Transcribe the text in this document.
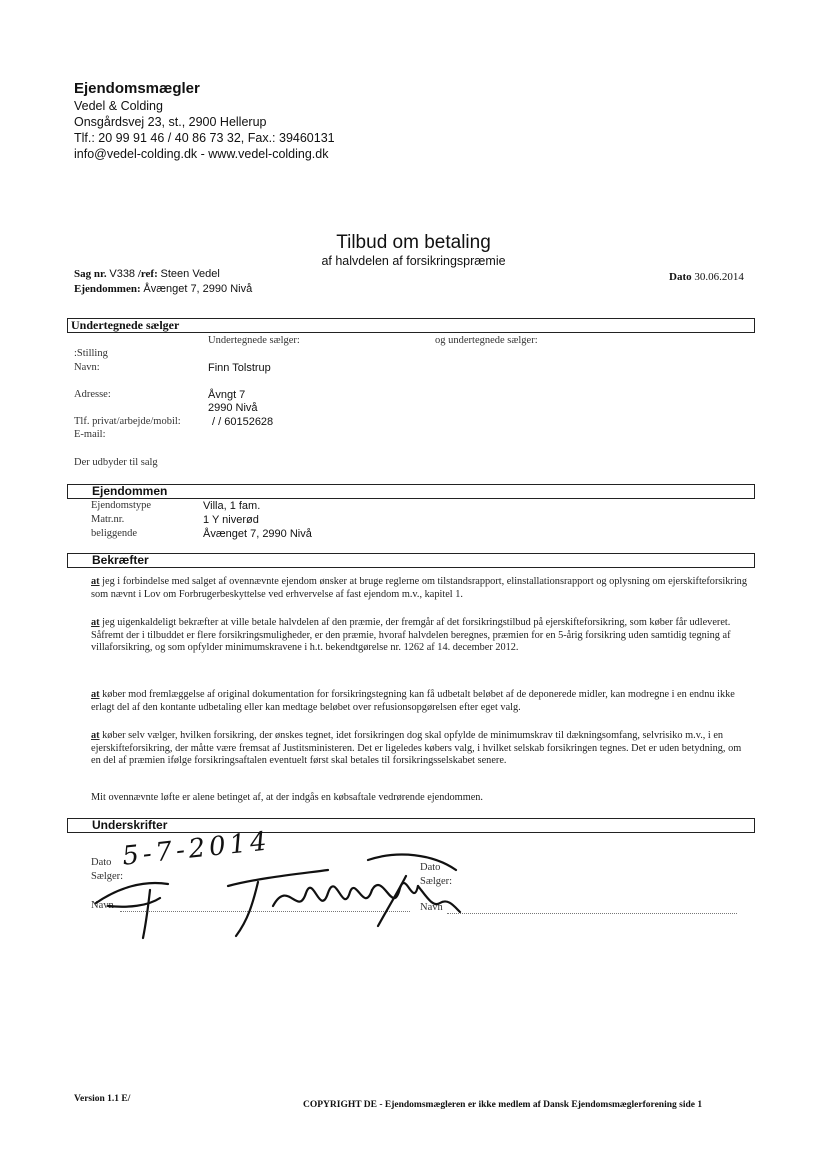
Ejendomsmægler
Vedel & Colding
Onsgårdsvej 23, st., 2900 Hellerup
Tlf.: 20 99 91 46 / 40 86 73 32, Fax.: 39460131
info@vedel-colding.dk - www.vedel-colding.dk
Tilbud om betaling
af halvdelen af forsikringspræmie
Sag nr. V338 /ref: Steen Vedel
Ejendommen: Åvænget 7, 2990 Nivå
Dato 30.06.2014
Undertegnede sælger
Undertegnede sælger:	og undertegnede sælger:
:Stilling
Navn:	Finn Tolstrup
Adresse:	Åvngt 7
2990 Nivå
Tlf. privat/arbejde/mobil:	/ / 60152628
E-mail:
Der udbyder til salg
Ejendommen
Ejendomstype	Villa, 1 fam.
Matr.nr.	1 Y niverød
beliggende	Åvænget 7, 2990 Nivå
Bekræfter
at jeg i forbindelse med salget af ovennævnte ejendom ønsker at bruge reglerne om tilstandsrapport, elinstallationsrapport og oplysning om ejerskifteforsikring som nævnt i Lov om Forbrugerbeskyttelse ved erhvervelse af fast ejendom m.v., kapitel 1.
at jeg uigenkaldeligt bekræfter at ville betale halvdelen af den præmie, der fremgår af det forsikringstilbud på ejerskifteforsikring, som køber får udleveret. Såfremt der i tilbuddet er flere forsikringsmuligheder, er den præmie, hvoraf halvdelen beregnes, præmien for en 5-årig forsikring uden samtidig tegning af villaforsikring, og som opfylder minimumskravene i h.t. bekendtgørelse nr. 1262 af 14. december 2012.
at køber mod fremlæggelse af original dokumentation for forsikringstegning kan få udbetalt beløbet af de deponerede midler, kan modregne i en endnu ikke erlagt del af den kontante udbetaling eller kan medtage beløbet over refusionsopgørelsen efter eget valg.
at køber selv vælger, hvilken forsikring, der ønskes tegnet, idet forsikringen dog skal opfylde de minimumskrav til dækningsomfang, selvrisiko m.v., i en ejerskifteforsikring, der måtte være fremsat af Justitsministeren. Det er ligeledes købers valg, i hvilket selskab forsikringen tegnes. Det er uden betydning, om en del af præmien ifølge forsikringsaftalen eventuelt først skal betales til forsikringsselskabet senere.
Mit ovennævnte løfte er alene betinget af, at der indgås en købsaftale vedrørende ejendommen.
Underskrifter
Dato
Sælger:
Navn
Dato
Sælger:
Navn
5-7-2014
Version 1.1 E/
COPYRIGHT DE - Ejendomsmægleren er ikke medlem af Dansk Ejendomsmæglerforening side 1
